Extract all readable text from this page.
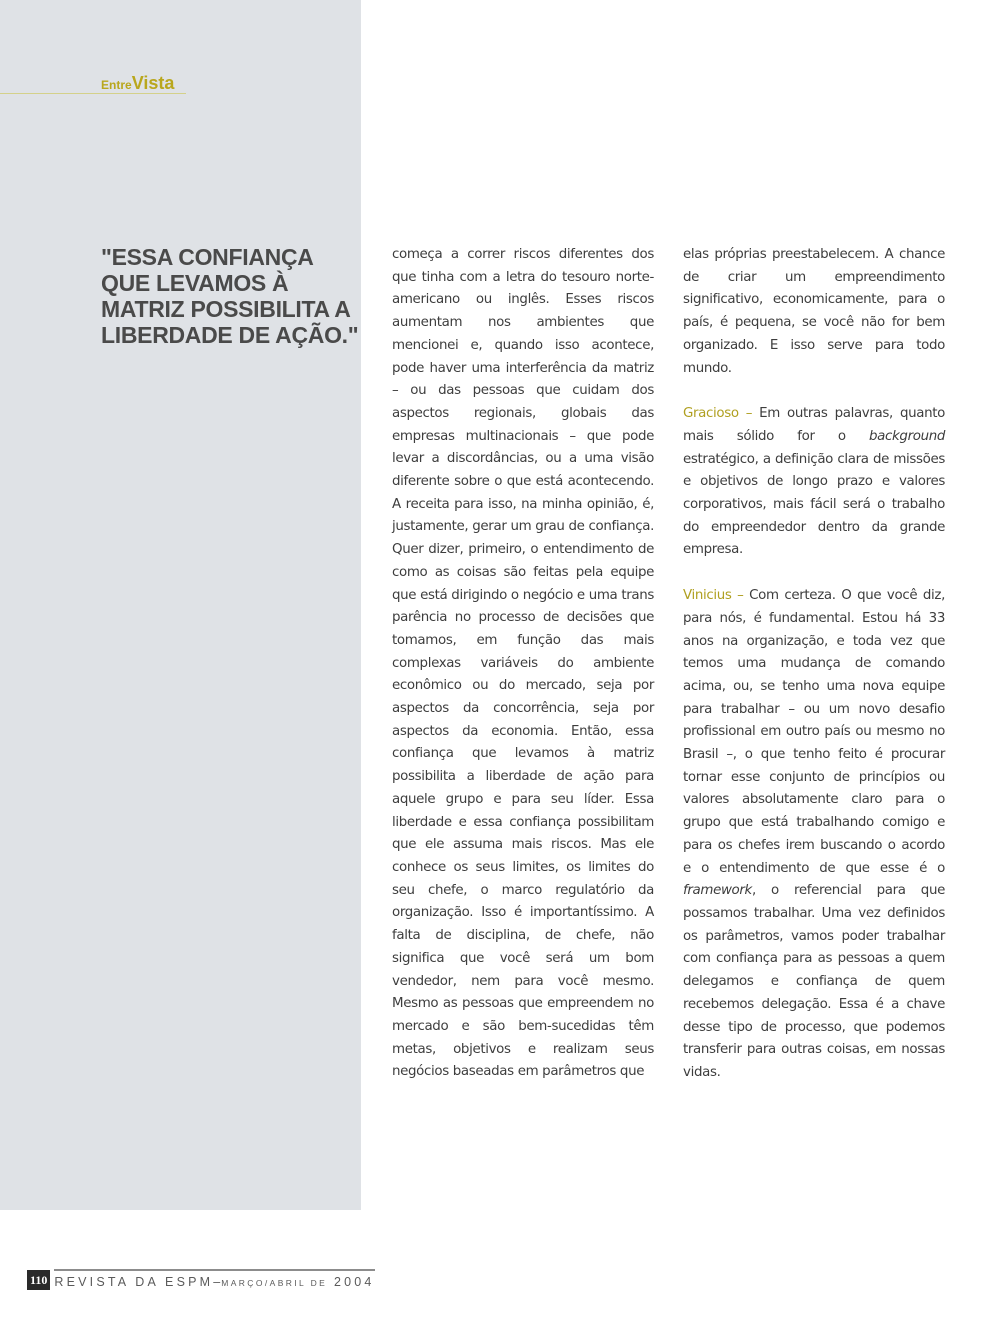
EntreVista
"ESSA CONFIANÇA QUE LEVAMOS À MATRIZ POSSIBILITA A LIBERDADE DE AÇÃO."

começa a correr riscos diferentes dos que tinha com a letra do tesouro norte-americano ou inglês. Esses riscos aumentam nos ambientes que mencionei e, quando isso acontece, pode haver uma interferência da matriz – ou das pessoas que cuidam dos aspectos regionais, globais das empresas multinacionais – que pode levar a discordâncias, ou a uma visão diferente sobre o que está acontecendo. A receita para isso, na minha opinião, é, justamente, gerar um grau de confiança. Quer dizer, primeiro, o entendimento de como as coisas são feitas pela equipe que está dirigindo o negócio e uma trans parência no processo de decisões que tomamos, em função das mais complexas variáveis do ambiente econômico ou do mercado, seja por aspectos da concorrência, seja por aspectos da economia. Então, essa confiança que levamos à matriz possibilita a liberdade de ação para aquele grupo e para seu líder. Essa liberdade e essa confiança possibilitam que ele assuma mais riscos. Mas ele conhece os seus limites, os limites do seu chefe, o marco regulatório da organização. Isso é importantíssimo. A falta de disciplina, de chefe, não significa que você será um bom vendedor, nem para você mesmo. Mesmo as pessoas que empreendem no mercado e são bem-sucedidas têm metas, objetivos e realizam seus negócios baseadas em parâmetros que

elas próprias preestabelecem. A chance de criar um empreendimento significativo, economicamente, para o país, é pequena, se você não for bem organizado. E isso serve para todo mundo.

Gracioso – Em outras palavras, quanto mais sólido for o background estratégico, a definição clara de missões e objetivos de longo prazo e valores corporativos, mais fácil será o trabalho do empreendedor dentro da grande empresa.

Vinicius – Com certeza. O que você diz, para nós, é fundamental. Estou há 33 anos na organização, e toda vez que temos uma mudança de comando acima, ou, se tenho uma nova equipe para trabalhar – ou um novo desafio profissional em outro país ou mesmo no Brasil –, o que tenho feito é procurar tornar esse conjunto de princípios ou valores absolutamente claro para o grupo que está trabalhando comigo e para os chefes irem buscando o acordo e o entendimento de que esse é o framework, o referencial para que possamos trabalhar. Uma vez definidos os parâmetros, vamos poder trabalhar com confiança para as pessoas a quem delegamos e confiança de quem recebemos delegação. Essa é a chave desse tipo de processo, que podemos transferir para outras coisas, em nossas vidas.

110 REVISTA DA ESPM–MARÇO/ABRIL DE 2004
